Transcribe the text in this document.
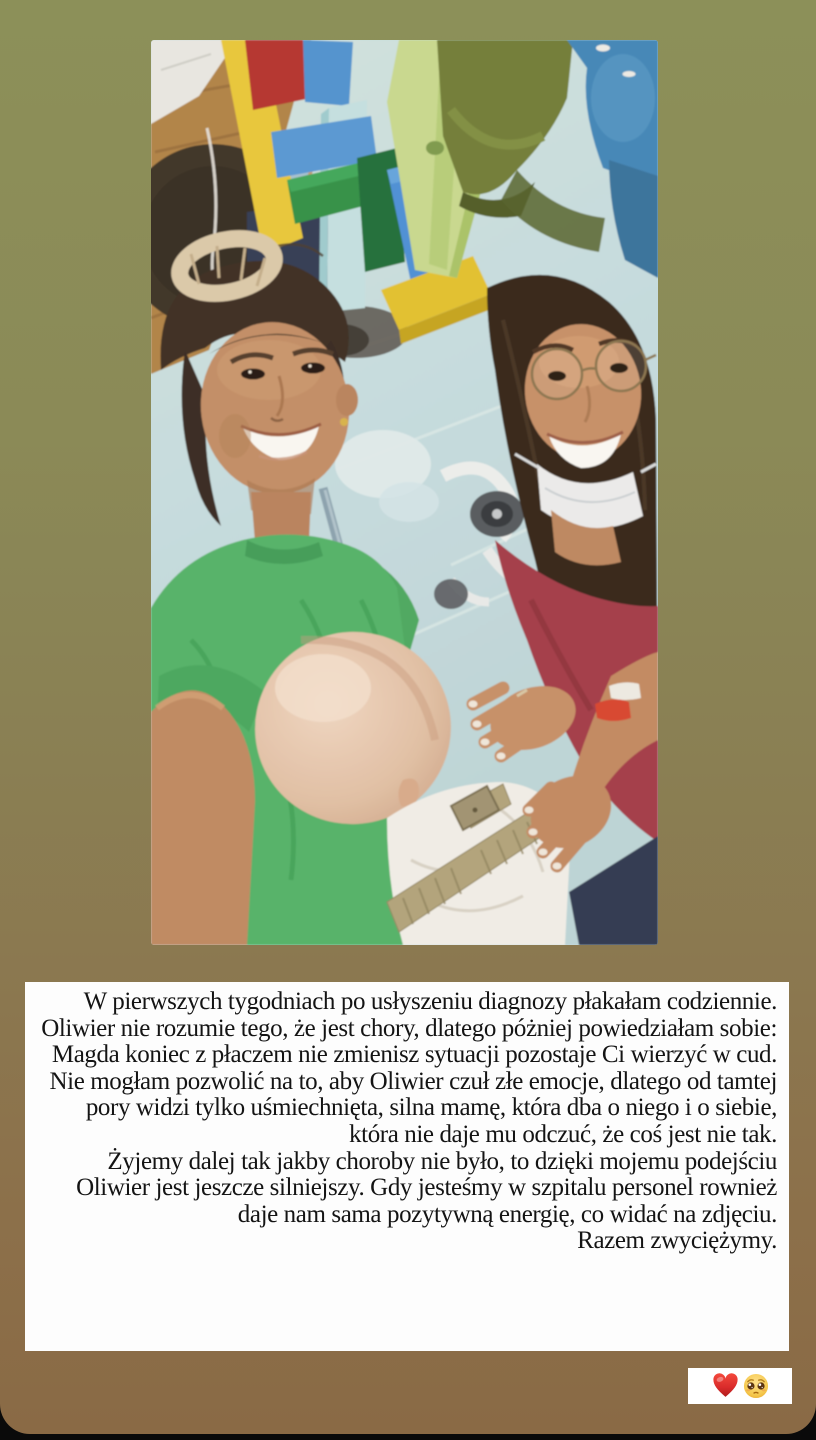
W pierwszych tygodniach po usłyszeniu diagnozy płakałam codziennie.

Oliwier nie rozumie tego, że jest chory, dlatego póżniej powiedziałam sobie:

Magda koniec z płaczem nie zmienisz sytuacji pozostaje Ci wierzyć w cud.

Nie mogłam pozwolić na to, aby Oliwier czuł złe emocje, dlatego od tamtej pory widzi tylko uśmiechnięta, silna mamę, która dba o niego i o siebie, która nie daje mu odczuć, że coś jest nie tak.

Żyjemy dalej tak jakby choroby nie było, to dzięki mojemu podejściu Oliwier jest jeszcze silniejszy. Gdy jesteśmy w szpitalu personel rownież daje nam sama pozytywną energię, co widać na zdjęciu.

Razem zwyciężymy.
